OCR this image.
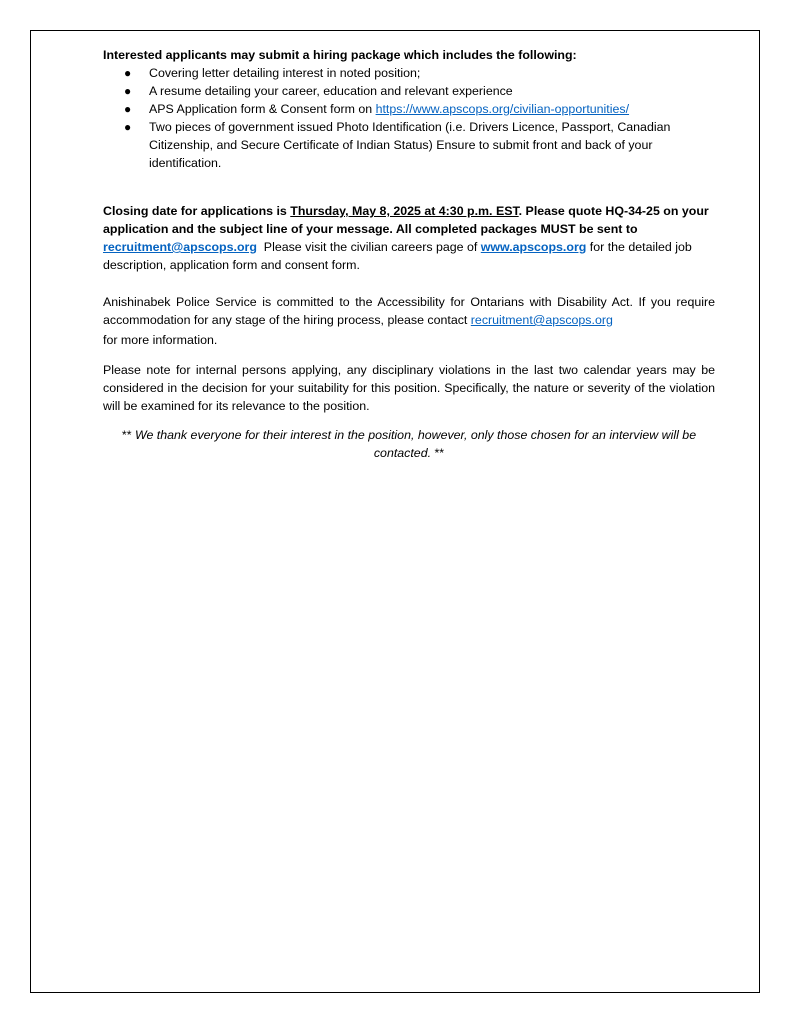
Interested applicants may submit a hiring package which includes the following:

● Covering letter detailing interest in noted position;
● A resume detailing your career, education and relevant experience
● APS Application form & Consent form on https://www.apscops.org/civilian-opportunities/
● Two pieces of government issued Photo Identification (i.e. Drivers Licence, Passport, Canadian Citizenship, and Secure Certificate of Indian Status) Ensure to submit front and back of your identification.

Closing date for applications is Thursday, May 8, 2025 at 4:30 p.m. EST. Please quote HQ-34-25 on your application and the subject line of your message. All completed packages MUST be sent to
recruitment@apscops.org  Please visit the civilian careers page of www.apscops.org for the detailed job description, application form and consent form.

Anishinabek Police Service is committed to the Accessibility for Ontarians with Disability Act. If you require accommodation for any stage of the hiring process, please contact recruitment@apscops.org

for more information.

Please note for internal persons applying, any disciplinary violations in the last two calendar years may be considered in the decision for your suitability for this position. Specifically, the nature or severity of the violation will be examined for its relevance to the position.

** We thank everyone for their interest in the position, however, only those chosen for an interview will be contacted. **
